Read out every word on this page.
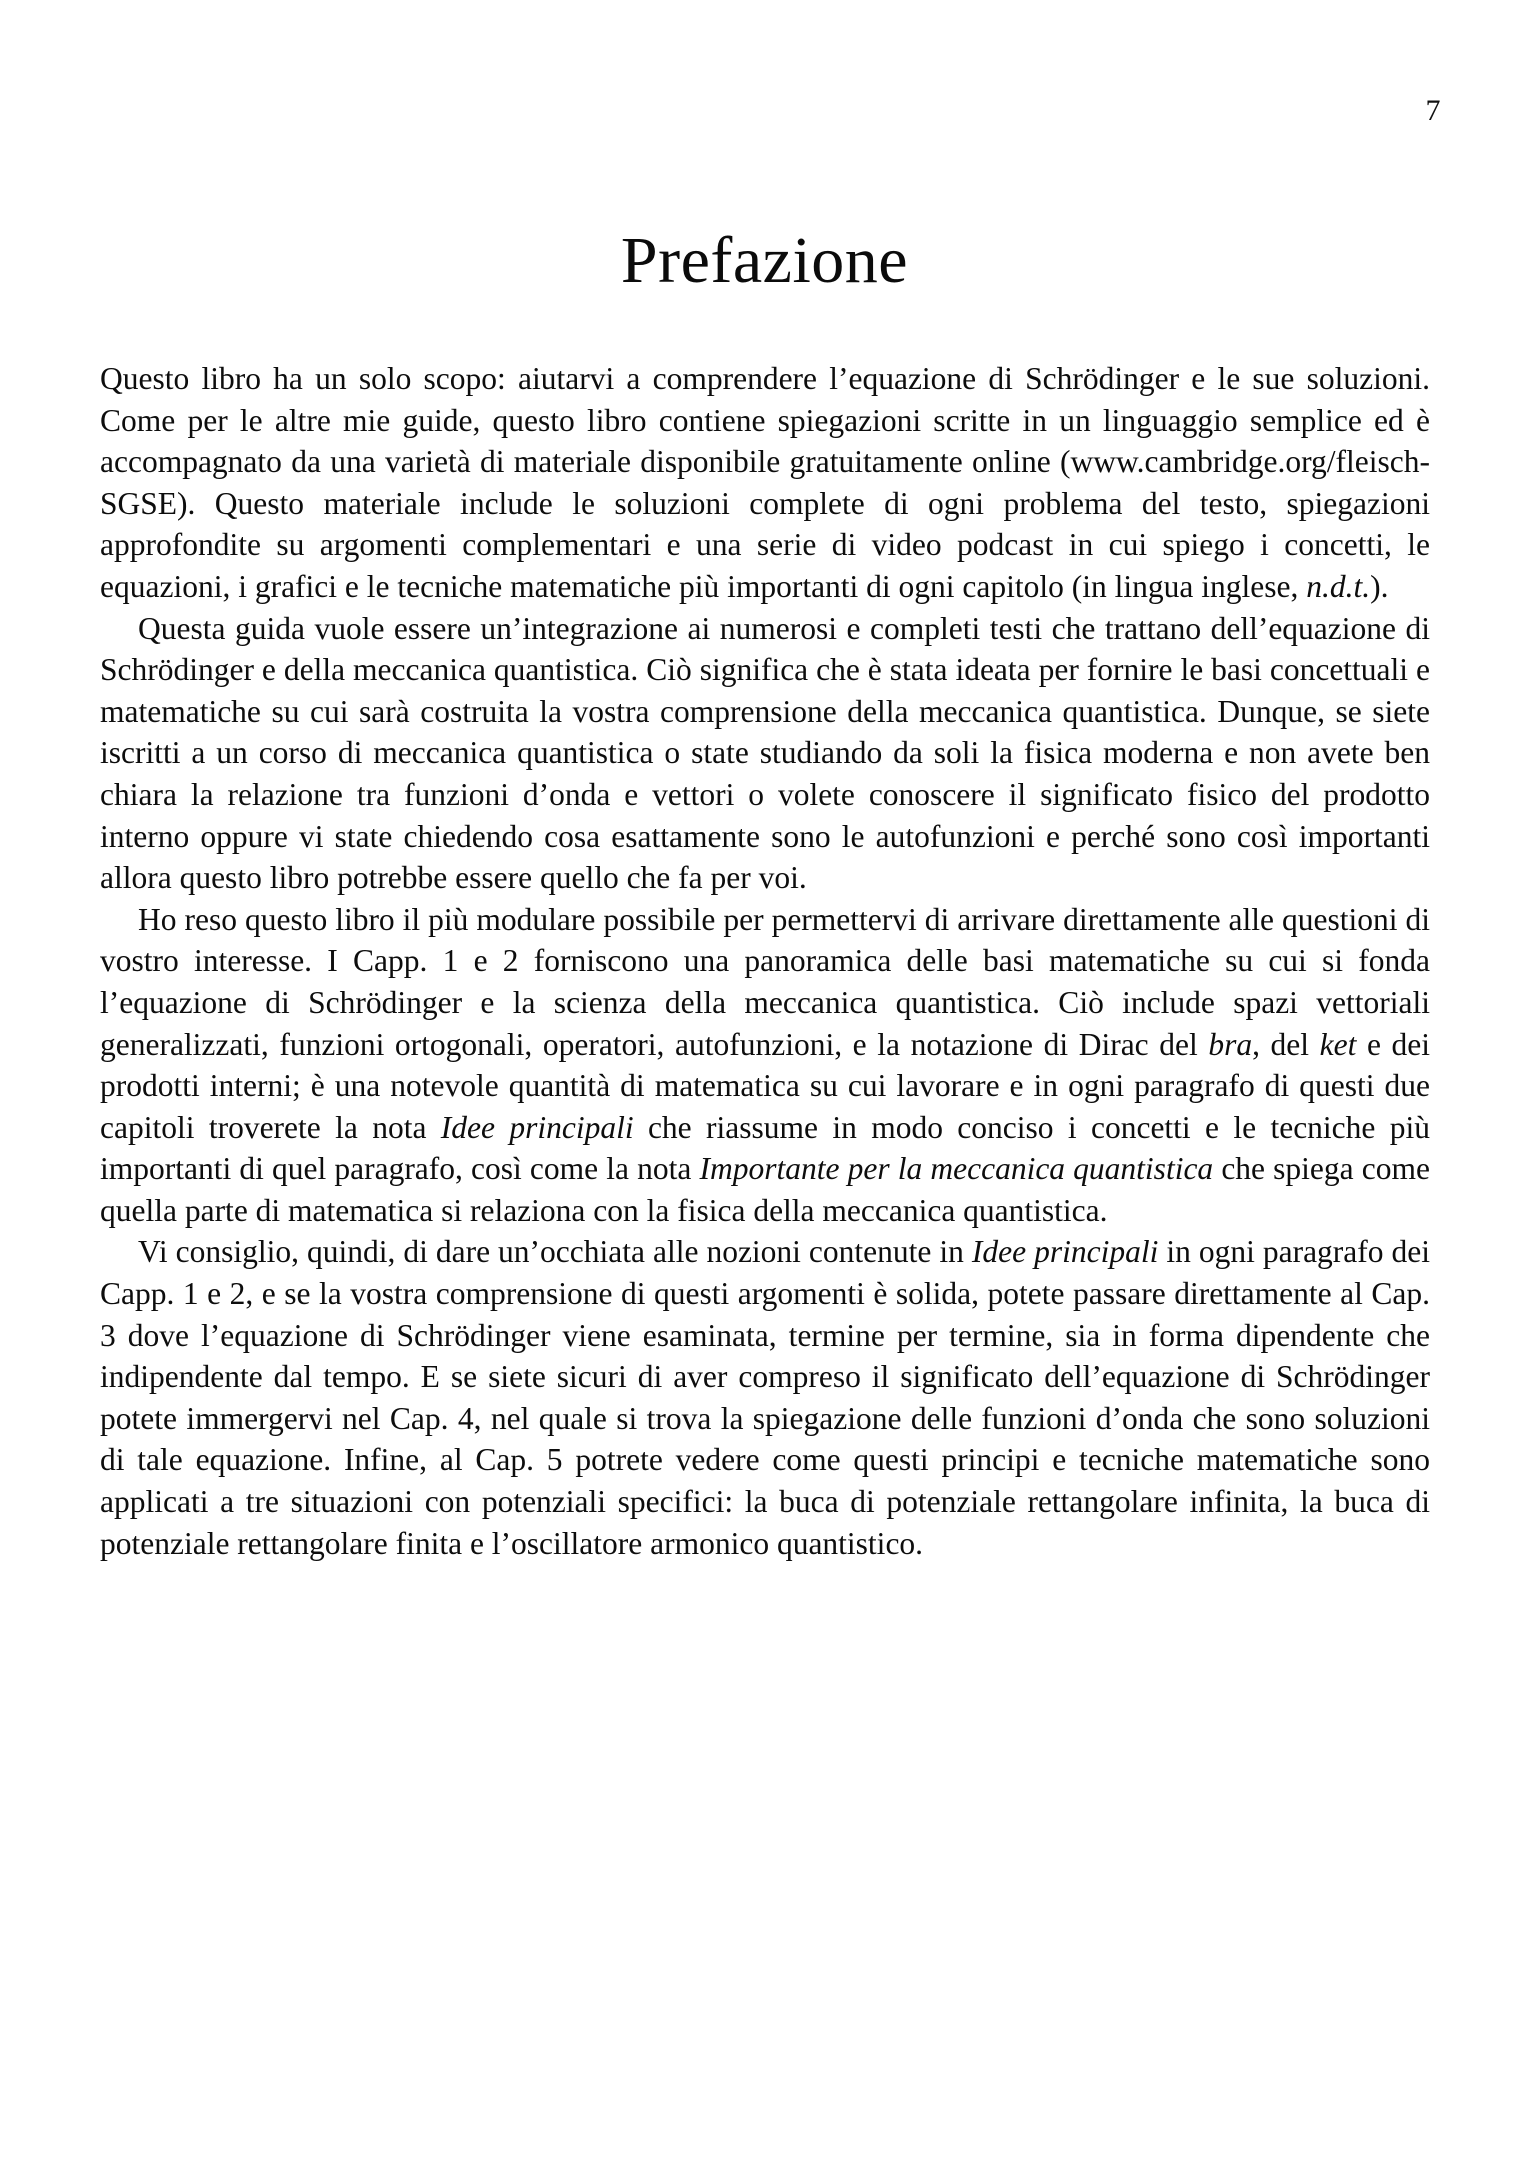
7
Prefazione

Questo libro ha un solo scopo: aiutarvi a comprendere l’equazione di Schrödinger e le sue soluzioni. Come per le altre mie guide, questo libro contiene spiegazioni scritte in un linguaggio semplice ed è accompagnato da una varietà di materiale disponibile gratuitamente online (www.cambridge.org/fleisch-SGSE). Questo materiale include le soluzioni complete di ogni problema del testo, spiegazioni approfondite su argomenti complementari e una serie di video podcast in cui spiego i concetti, le equazioni, i grafici e le tecniche matematiche più importanti di ogni capitolo (in lingua inglese, n.d.t.).

Questa guida vuole essere un’integrazione ai numerosi e completi testi che trattano dell’equazione di Schrödinger e della meccanica quantistica. Ciò significa che è stata ideata per fornire le basi concettuali e matematiche su cui sarà costruita la vostra comprensione della meccanica quantistica. Dunque, se siete iscritti a un corso di meccanica quantistica o state studiando da soli la fisica moderna e non avete ben chiara la relazione tra funzioni d’onda e vettori o volete conoscere il significato fisico del prodotto interno oppure vi state chiedendo cosa esattamente sono le autofunzioni e perché sono così importanti allora questo libro potrebbe essere quello che fa per voi.

Ho reso questo libro il più modulare possibile per permettervi di arrivare direttamente alle questioni di vostro interesse. I Capp. 1 e 2 forniscono una panoramica delle basi matematiche su cui si fonda l’equazione di Schrödinger e la scienza della meccanica quantistica. Ciò include spazi vettoriali generalizzati, funzioni ortogonali, operatori, autofunzioni, e la notazione di Dirac del bra, del ket e dei prodotti interni; è una notevole quantità di matematica su cui lavorare e in ogni paragrafo di questi due capitoli troverete la nota Idee principali che riassume in modo conciso i concetti e le tecniche più importanti di quel paragrafo, così come la nota Importante per la meccanica quantistica che spiega come quella parte di matematica si relaziona con la fisica della meccanica quantistica.

Vi consiglio, quindi, di dare un’occhiata alle nozioni contenute in Idee principali in ogni paragrafo dei Capp. 1 e 2, e se la vostra comprensione di questi argomenti è solida, potete passare direttamente al Cap. 3 dove l’equazione di Schrödinger viene esaminata, termine per termine, sia in forma dipendente che indipendente dal tempo. E se siete sicuri di aver compreso il significato dell’equazione di Schrödinger potete immergervi nel Cap. 4, nel quale si trova la spiegazione delle funzioni d’onda che sono soluzioni di tale equazione. Infine, al Cap. 5 potrete vedere come questi principi e tecniche matematiche sono applicati a tre situazioni con potenziali specifici: la buca di potenziale rettangolare infinita, la buca di potenziale rettangolare finita e l’oscillatore armonico quantistico.
